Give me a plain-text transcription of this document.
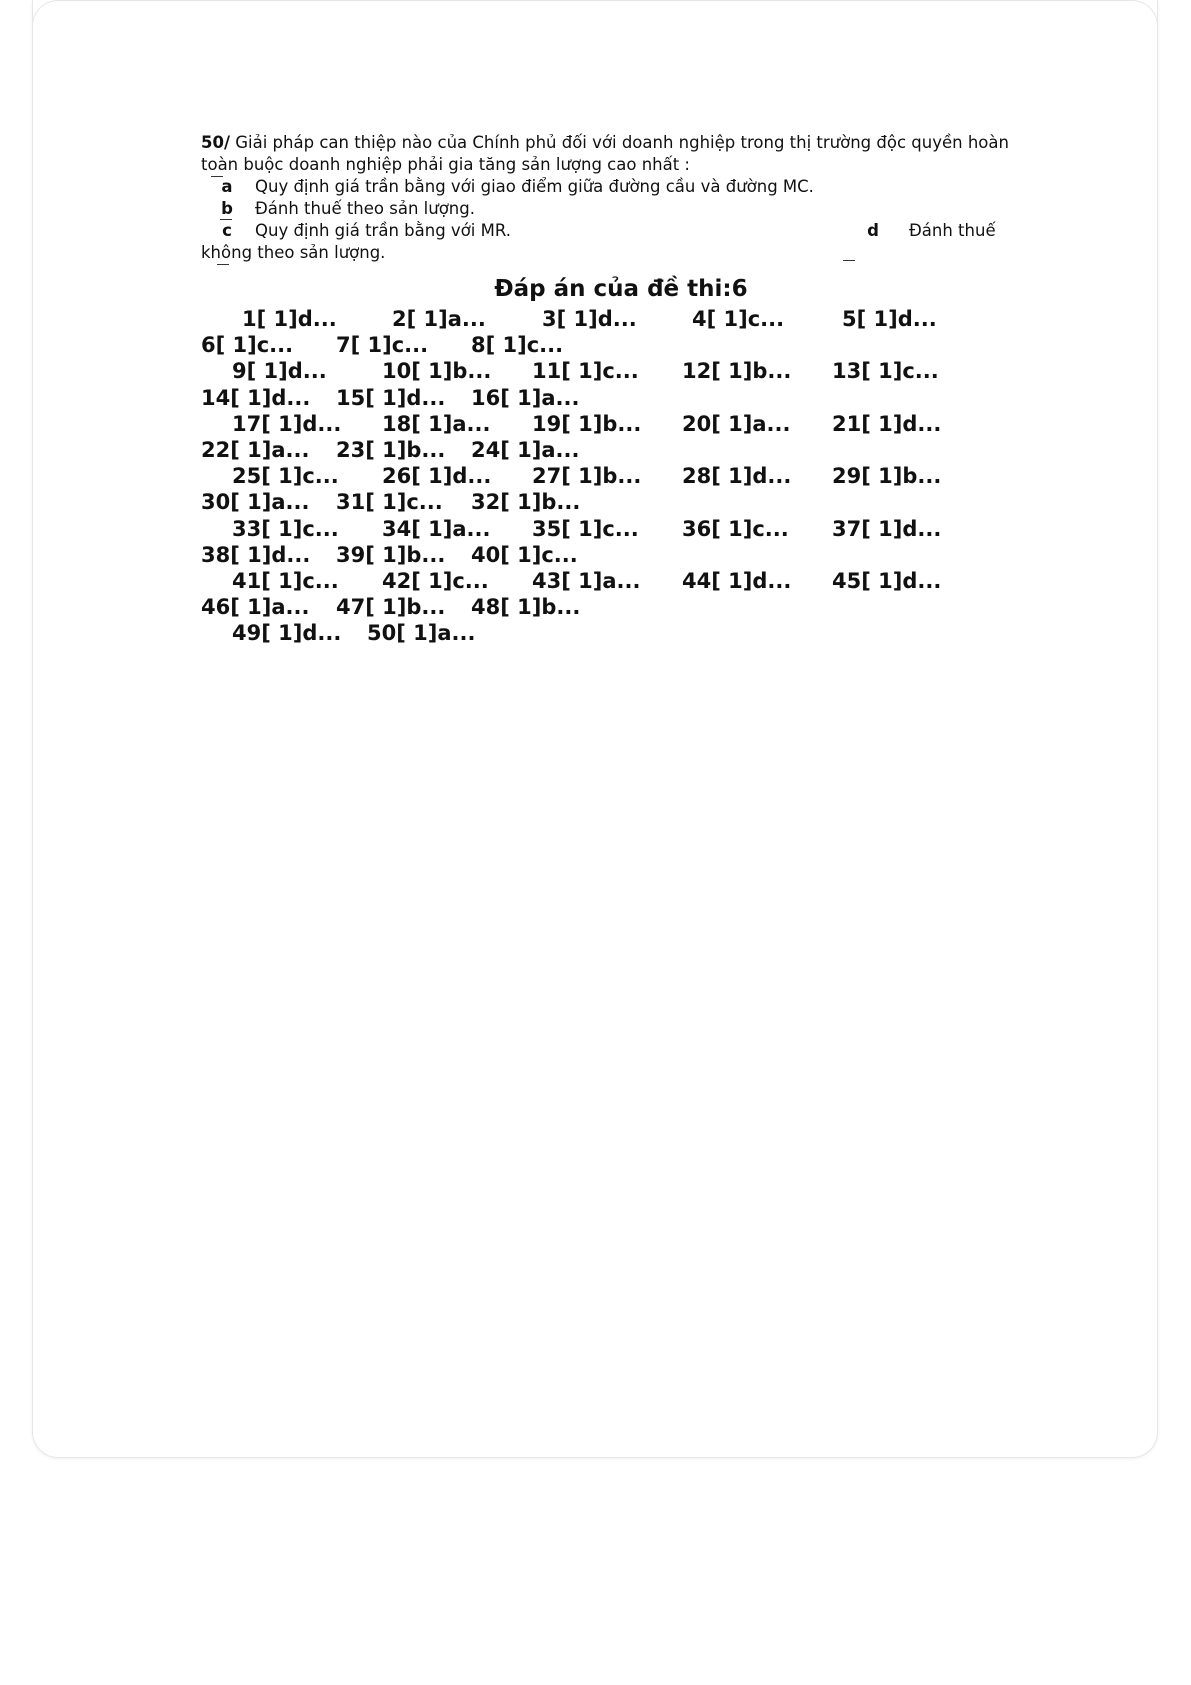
50/ Giải pháp can thiệp nào của Chính phủ đối với doanh nghiệp trong thị trường độc quyền hoàn toàn buộc doanh nghiệp phải gia tăng sản lượng cao nhất :
a Quy định giá trần bằng với giao điểm giữa đường cầu và đường MC.
b Đánh thuế theo sản lượng.
c Quy định giá trần bằng với MR.	d Đánh thuế
không theo sản lượng.
Đáp án của đề thi:6
1[ 1]d...	2[ 1]a...	3[ 1]d...	4[ 1]c...	5[ 1]d...
6[ 1]c... 7[ 1]c... 8[ 1]c...
9[ 1]d...	10[ 1]b... 11[ 1]c... 12[ 1]b... 13[ 1]c...
14[ 1]d... 15[ 1]d... 16[ 1]a...
17[ 1]d... 18[ 1]a... 19[ 1]b... 20[ 1]a... 21[ 1]d...
22[ 1]a... 23[ 1]b... 24[ 1]a...
25[ 1]c... 26[ 1]d... 27[ 1]b... 28[ 1]d... 29[ 1]b...
30[ 1]a... 31[ 1]c... 32[ 1]b...
33[ 1]c... 34[ 1]a... 35[ 1]c... 36[ 1]c... 37[ 1]d...
38[ 1]d... 39[ 1]b... 40[ 1]c...
41[ 1]c... 42[ 1]c... 43[ 1]a... 44[ 1]d... 45[ 1]d...
46[ 1]a... 47[ 1]b... 48[ 1]b...
49[ 1]d... 50[ 1]a...
